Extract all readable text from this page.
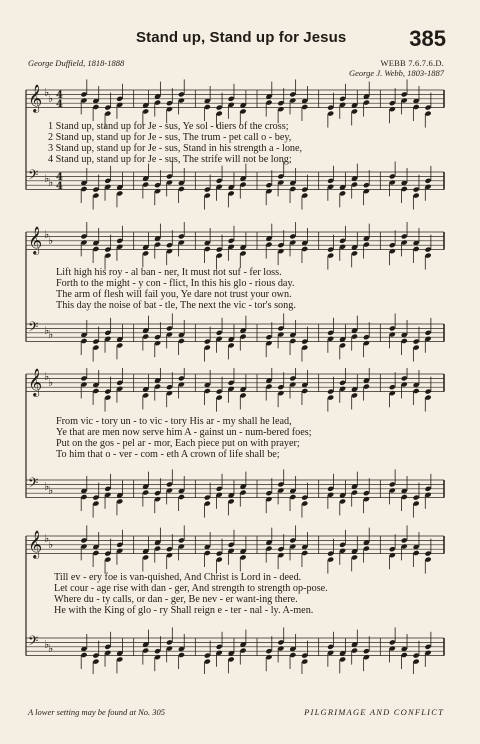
Stand up, Stand up for Jesus	385
George Duffield, 1818-1888	WEBB 7.6.7.6.D.
George J. Webb, 1803-1887
𝄞 ♭
♭ 4
4
𝄢 ♭
♭ 4
4
1 Stand up, stand up for Je - sus, Ye sol - diers of the cross;
2 Stand up, stand up for Je - sus, The trum - pet call o - bey,
3 Stand up, stand up for Je - sus, Stand in his strength a - lone,
4 Stand up, stand up for Je - sus, The strife will not be long;
𝄞 ♭
♭
𝄢 ♭
♭
Lift high his roy - al ban - ner, It must not suf - fer loss.
Forth to the might - y con - flict, In this his glo - rious day.
The arm of flesh will fail you, Ye dare not trust your own.
This day the noise of bat - tle, The next the vic - tor's song.
𝄞 ♭
♭
𝄢 ♭
♭
From vic - tory un - to vic - tory His ar - my shall he lead,
Ye that are men now serve him A - gainst un - num-bered foes;
Put on the gos - pel ar - mor, Each piece put on with prayer;
To him that o - ver - com - eth A crown of life shall be;
𝄞 ♭
♭
𝄢 ♭
♭
Till ev - ery foe is van-quished, And Christ is Lord in - deed.
Let cour - age rise with dan - ger, And strength to strength op-pose.
Where du - ty calls, or dan - ger, Be nev - er want-ing there.
He with the King of glo - ry Shall reign e - ter - nal - ly. A-men.
A lower setting may be found at No. 305	PILGRIMAGE AND CONFLICT
